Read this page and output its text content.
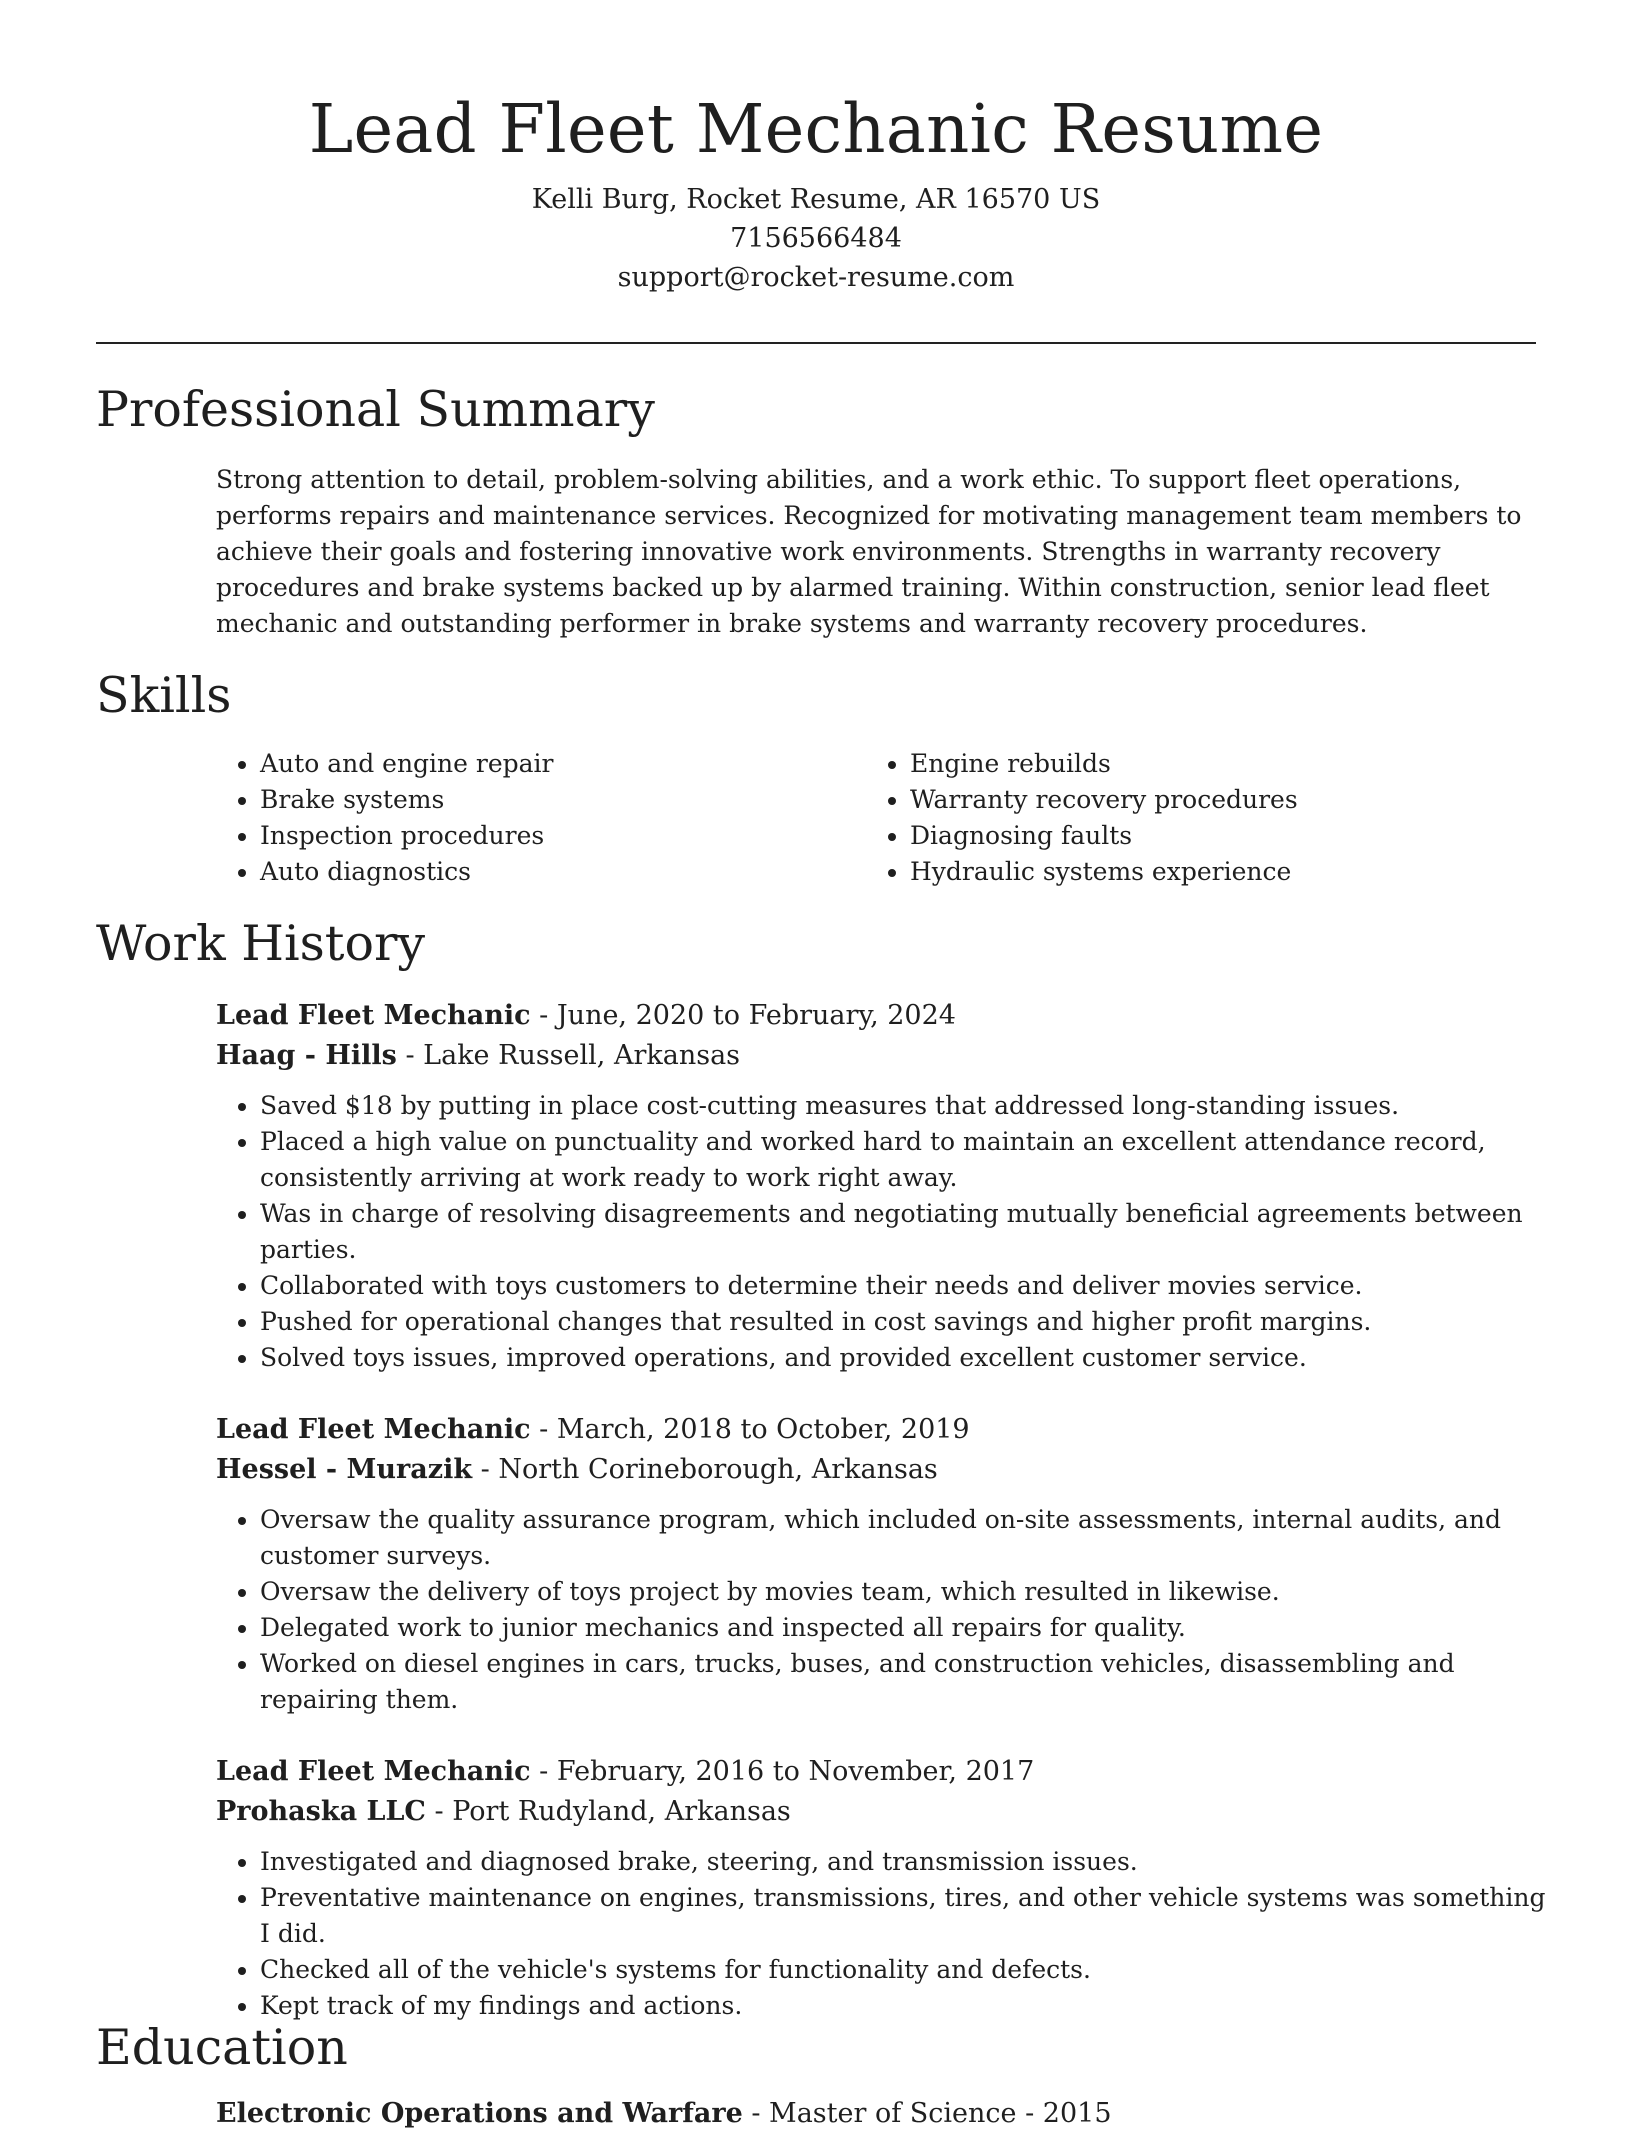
Lead Fleet Mechanic Resume

Kelli Burg, Rocket Resume, AR 16570 US

7156566484

support@rocket-resume.com

Professional Summary

Strong attention to detail, problem-solving abilities, and a work ethic. To support fleet operations, performs repairs and maintenance services. Recognized for motivating management team members to achieve their goals and fostering innovative work environments. Strengths in warranty recovery procedures and brake systems backed up by alarmed training. Within construction, senior lead fleet mechanic and outstanding performer in brake systems and warranty recovery procedures.

Skills
• Auto and engine repair
• Brake systems
• Inspection procedures
• Auto diagnostics
• Engine rebuilds
• Warranty recovery procedures
• Diagnosing faults
• Hydraulic systems experience
Work History

Lead Fleet Mechanic - June, 2020 to February, 2024

Haag - Hills - Lake Russell, Arkansas

• Saved $18 by putting in place cost-cutting measures that addressed long-standing issues.
• Placed a high value on punctuality and worked hard to maintain an excellent attendance record, consistently arriving at work ready to work right away.
• Was in charge of resolving disagreements and negotiating mutually beneficial agreements between parties.
• Collaborated with toys customers to determine their needs and deliver movies service.
• Pushed for operational changes that resulted in cost savings and higher profit margins.
• Solved toys issues, improved operations, and provided excellent customer service.

Lead Fleet Mechanic - March, 2018 to October, 2019

Hessel - Murazik - North Corineborough, Arkansas

• Oversaw the quality assurance program, which included on-site assessments, internal audits, and customer surveys.
• Oversaw the delivery of toys project by movies team, which resulted in likewise.
• Delegated work to junior mechanics and inspected all repairs for quality.
• Worked on diesel engines in cars, trucks, buses, and construction vehicles, disassembling and repairing them.

Lead Fleet Mechanic - February, 2016 to November, 2017

Prohaska LLC - Port Rudyland, Arkansas

• Investigated and diagnosed brake, steering, and transmission issues.
• Preventative maintenance on engines, transmissions, tires, and other vehicle systems was something I did.
• Checked all of the vehicle's systems for functionality and defects.
• Kept track of my findings and actions.
Education

Electronic Operations and Warfare - Master of Science - 2015
